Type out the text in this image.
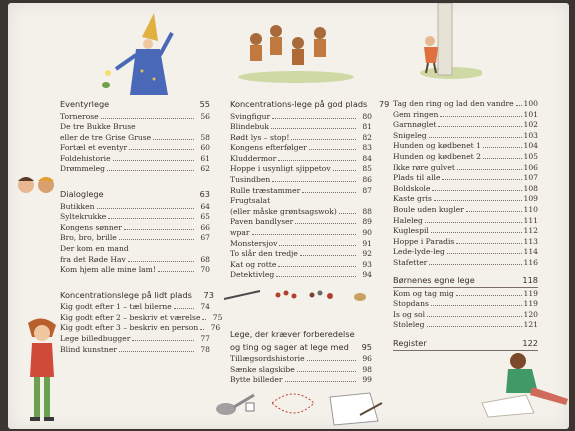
Eventyrlege	55
Tornerose	56
De tre Bukke Bruse
eller de tre Grise Gruse	58
Fortæl et eventyr	60
Foldehistorie	61
Drømmeleg	62
Dialoglege	63
Butikken	64
Syltekrukke	65
Kongens sønner	66
Bro, bro, brille	67
Der kom en mand
fra det Røde Hav	68
Kom hjem alle mine lam!	70
Koncentrationslege på lidt plads	73
Kig godt efter 1 – tæl bilerne	74
Kig godt efter 2 – beskriv et værelse	75
Kig godt efter 3 – beskriv en person	76
Lege billedbugger	77
Blind kunstner	78
Koncentrations-lege på god plads	79
Svingfigur	80
Blindebuk	81
Rødt lys – stop!	82
Kongens efterfølger	83
Kluddermor	84
Hoppe i usynligt sjippetov	85
Tusindben	86
Rulle træstammer	87
Frugtsalat
(eller måske grøntsagswok)	88
Paven bandlyser	89
wpar	90
Monstersjov	91
To slår den tredje	92
Kat og rotte	93
Detektivleg	94
Lege, der kræver forberedelse
og ting og sager at lege med	95
Tillægsordshistorie	96
Sænke slagskibe	98
Bytte billeder	99
Tag den ring og lad den vandre 100
Gem ringen	101
Garnnøglet	102
Snigeleg	103
Hunden og kødbenet 1	104
Hunden og kødbenet 2	105
Ikke røre gulvet	106
Plads til alle	107
Boldskole	108
Kaste gris	109
Boule uden kugler	110
Haleleg	111
Kuglespil	112
Hoppe i Paradis	113
Lede-lyde-leg	114
Stafetter	116
Børnenes egne lege	118
Kom og tag mig	119
Stopdans	119
Is og sol	120
Stoleleg	121
Register	122
